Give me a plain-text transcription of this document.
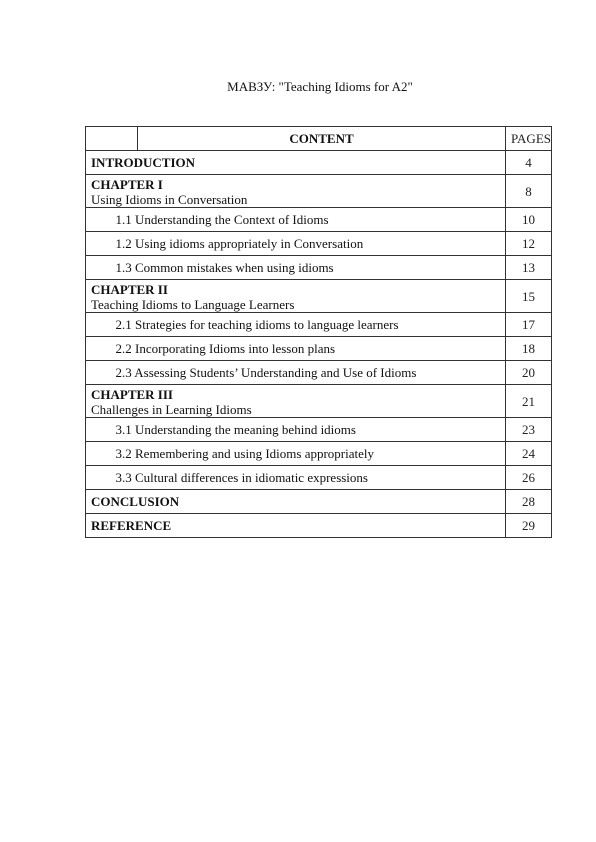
МАВЗУ: "Teaching Idioms for A2"
		CONTENT	PAGES
INTRODUCTION			4

CHAPTER I
Using Idioms in Conversation			8
	1.1 Understanding the Context of Idioms		10
	1.2 Using idioms appropriately in Conversation		12
	1.3 Common mistakes when using idioms		13

CHAPTER II
Teaching Idioms to Language Learners			15
	2.1 Strategies for teaching idioms to language learners		17
	2.2 Incorporating Idioms into lesson plans		18
	2.3 Assessing Students’ Understanding and Use of Idioms		20

CHAPTER III
Challenges in Learning Idioms			21
	3.1 Understanding the meaning behind idioms		23
	3.2 Remembering and using Idioms appropriately		24
	3.3 Cultural differences in idiomatic expressions		26
CONCLUSION			28
REFERENCE			29
